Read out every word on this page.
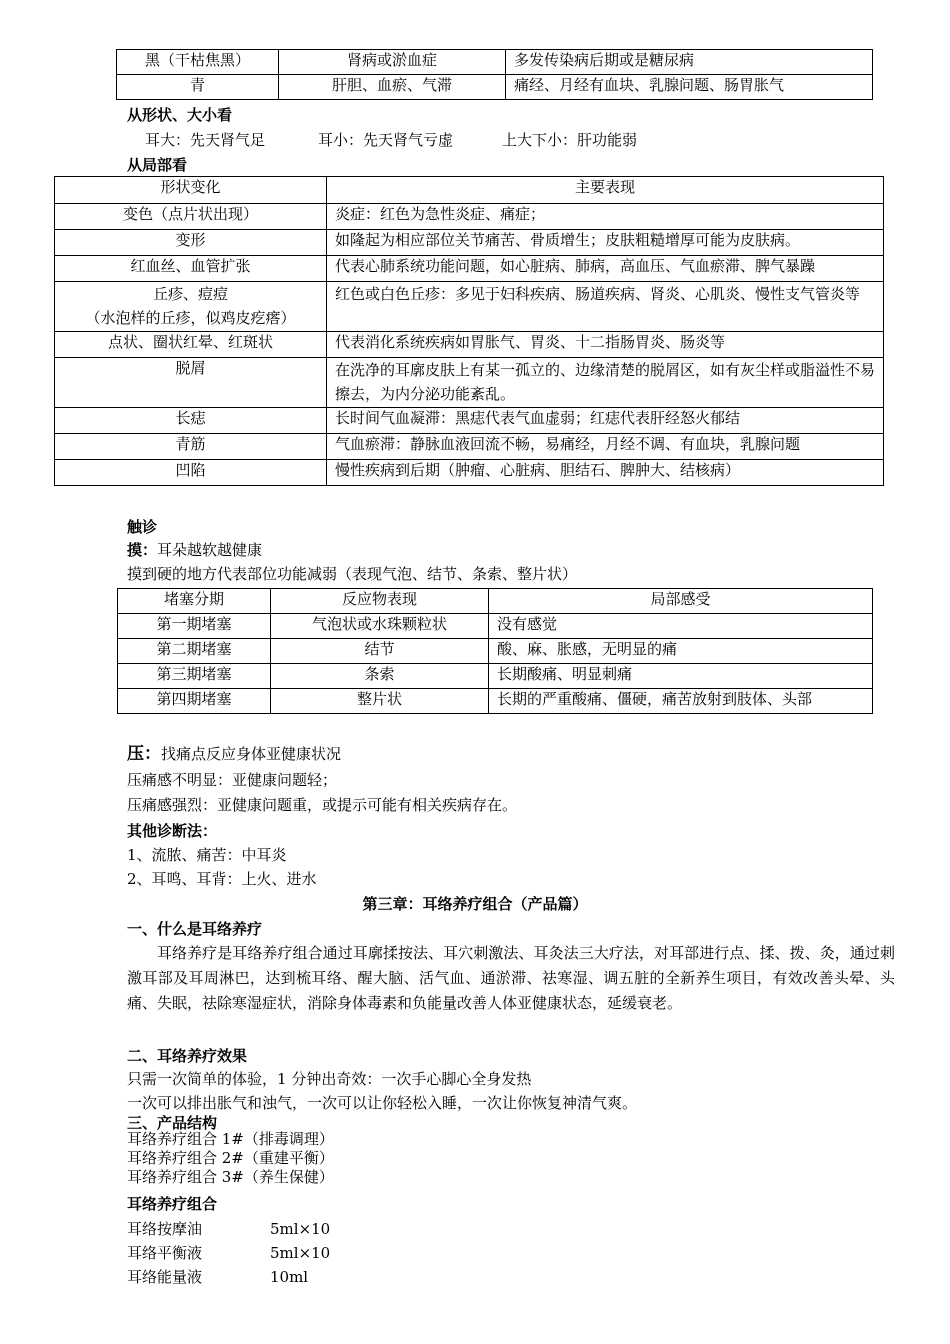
黑（干枯焦黑）	肾病或淤血症	多发传染病后期或是糖尿病
青	肝胆、血瘀、气滞	痛经、月经有血块、乳腺问题、肠胃胀气
从形状、大小看
耳大：先天肾气足	耳小：先天肾气亏虚	上大下小：肝功能弱
从局部看
形状变化	主要表现
变色（点片状出现）	炎症：红色为急性炎症、痛症；
变形	如隆起为相应部位关节痛苦、骨质增生；皮肤粗糙增厚可能为皮肤病。
红血丝、血管扩张	代表心肺系统功能问题，如心脏病、肺病，高血压、气血瘀滞、脾气暴躁
丘疹、痘痘
（水泡样的丘疹，似鸡皮疙瘩）	红色或白色丘疹：多见于妇科疾病、肠道疾病、肾炎、心肌炎、慢性支气管炎等
点状、圈状红晕、红斑状	代表消化系统疾病如胃胀气、胃炎、十二指肠胃炎、肠炎等
脱屑	在洗净的耳廓皮肤上有某一孤立的、边缘清楚的脱屑区，如有灰尘样或脂溢性不易擦去，为内分泌功能紊乱。
长痣	长时间气血凝滞：黑痣代表气血虚弱；红痣代表肝经怒火郁结
青筋	气血瘀滞：静脉血液回流不畅，易痛经，月经不调、有血块，乳腺问题
凹陷	慢性疾病到后期（肿瘤、心脏病、胆结石、脾肿大、结核病）
触诊
摸：耳朵越软越健康
摸到硬的地方代表部位功能减弱（表现气泡、结节、条索、整片状）
堵塞分期	反应物表现	局部感受
第一期堵塞	气泡状或水珠颗粒状	没有感觉
第二期堵塞	结节	酸、麻、胀感，无明显的痛
第三期堵塞	条索	长期酸痛、明显刺痛
第四期堵塞	整片状	长期的严重酸痛、僵硬，痛苦放射到肢体、头部
压：找痛点反应身体亚健康状况
压痛感不明显：亚健康问题轻；
压痛感强烈：亚健康问题重，或提示可能有相关疾病存在。
其他诊断法：
1、流脓、痛苦：中耳炎
2、耳鸣、耳背：上火、进水
第三章：耳络养疗组合（产品篇）
一、什么是耳络养疗
耳络养疗是耳络养疗组合通过耳廓揉按法、耳穴刺激法、耳灸法三大疗法，对耳部进行点、揉、拨、灸，通过刺激耳部及耳周淋巴，达到梳耳络、醒大脑、活气血、通淤滞、祛寒湿、调五脏的全新养生项目，有效改善头晕、头痛、失眠，祛除寒湿症状，消除身体毒素和负能量改善人体亚健康状态，延缓衰老。
二、耳络养疗效果
只需一次简单的体验，1 分钟出奇效：一次手心脚心全身发热
一次可以排出胀气和浊气，一次可以让你轻松入睡，一次让你恢复神清气爽。
三、产品结构
耳络养疗组合 1#（排毒调理）
耳络养疗组合 2#（重建平衡）
耳络养疗组合 3#（养生保健）
耳络养疗组合
耳络按摩油	5ml×10
耳络平衡液	5ml×10
耳络能量液	10ml
